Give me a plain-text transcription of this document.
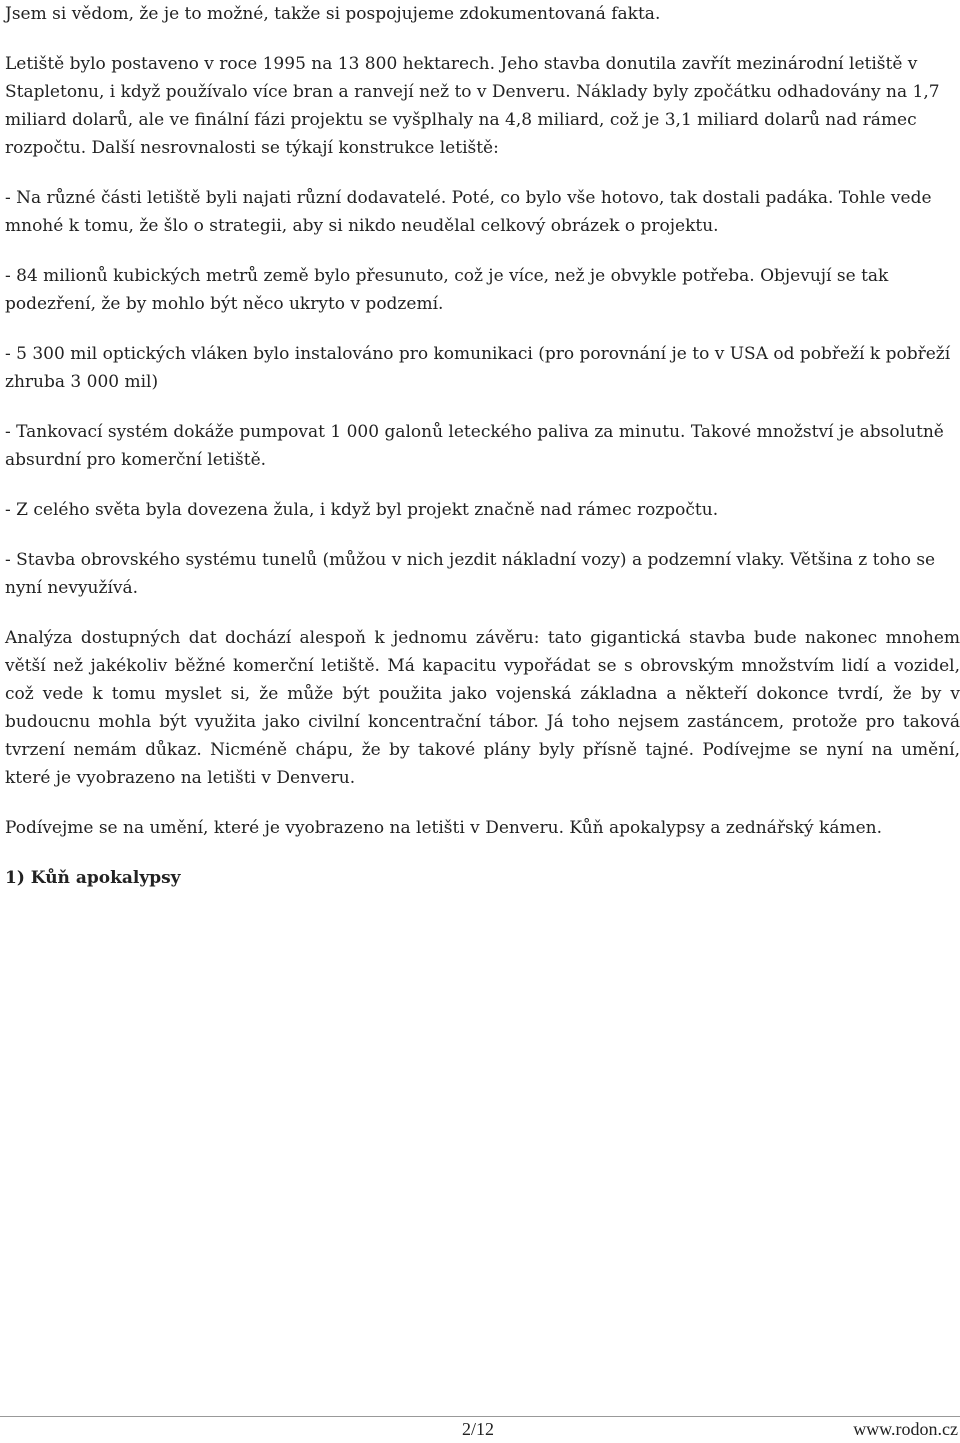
Jsem si vědom, že je to možné, takže si pospojujeme zdokumentovaná fakta.

Letiště bylo postaveno v roce 1995 na 13 800 hektarech. Jeho stavba donutila zavřít mezinárodní letiště v Stapletonu, i když používalo více bran a ranvejí než to v Denveru. Náklady byly zpočátku odhadovány na 1,7 miliard dolarů, ale ve finální fázi projektu se vyšplhaly na 4,8 miliard, což je 3,1 miliard dolarů nad rámec rozpočtu. Další nesrovnalosti se týkají konstrukce letiště:

- Na různé části letiště byli najati různí dodavatelé. Poté, co bylo vše hotovo, tak dostali padáka. Tohle vede mnohé k tomu, že šlo o strategii, aby si nikdo neudělal celkový obrázek o projektu.

- 84 milionů kubických metrů země bylo přesunuto, což je více, než je obvykle potřeba. Objevují se tak podezření, že by mohlo být něco ukryto v podzemí.

- 5 300 mil optických vláken bylo instalováno pro komunikaci (pro porovnání je to v USA od pobřeží k pobřeží zhruba 3 000 mil)

- Tankovací systém dokáže pumpovat 1 000 galonů leteckého paliva za minutu. Takové množství je absolutně absurdní pro komerční letiště.

- Z celého světa byla dovezena žula, i když byl projekt značně nad rámec rozpočtu.

- Stavba obrovského systému tunelů (můžou v nich jezdit nákladní vozy) a podzemní vlaky. Většina z toho se nyní nevyužívá.

Analýza dostupných dat dochází alespoň k jednomu závěru: tato gigantická stavba bude nakonec mnohem větší než jakékoliv běžné komerční letiště. Má kapacitu vypořádat se s obrovským množstvím lidí a vozidel, což vede k tomu myslet si, že může být použita jako vojenská základna a někteří dokonce tvrdí, že by v budoucnu mohla být využita jako civilní koncentrační tábor. Já toho nejsem zastáncem, protože pro taková tvrzení nemám důkaz. Nicméně chápu, že by takové plány byly přísně tajné. Podívejme se nyní na umění, které je vyobrazeno na letišti v Denveru.

Podívejme se na umění, které je vyobrazeno na letišti v Denveru. Kůň apokalypsy a zednářský kámen.

1) Kůň apokalypsy

2/12	www.rodon.cz
